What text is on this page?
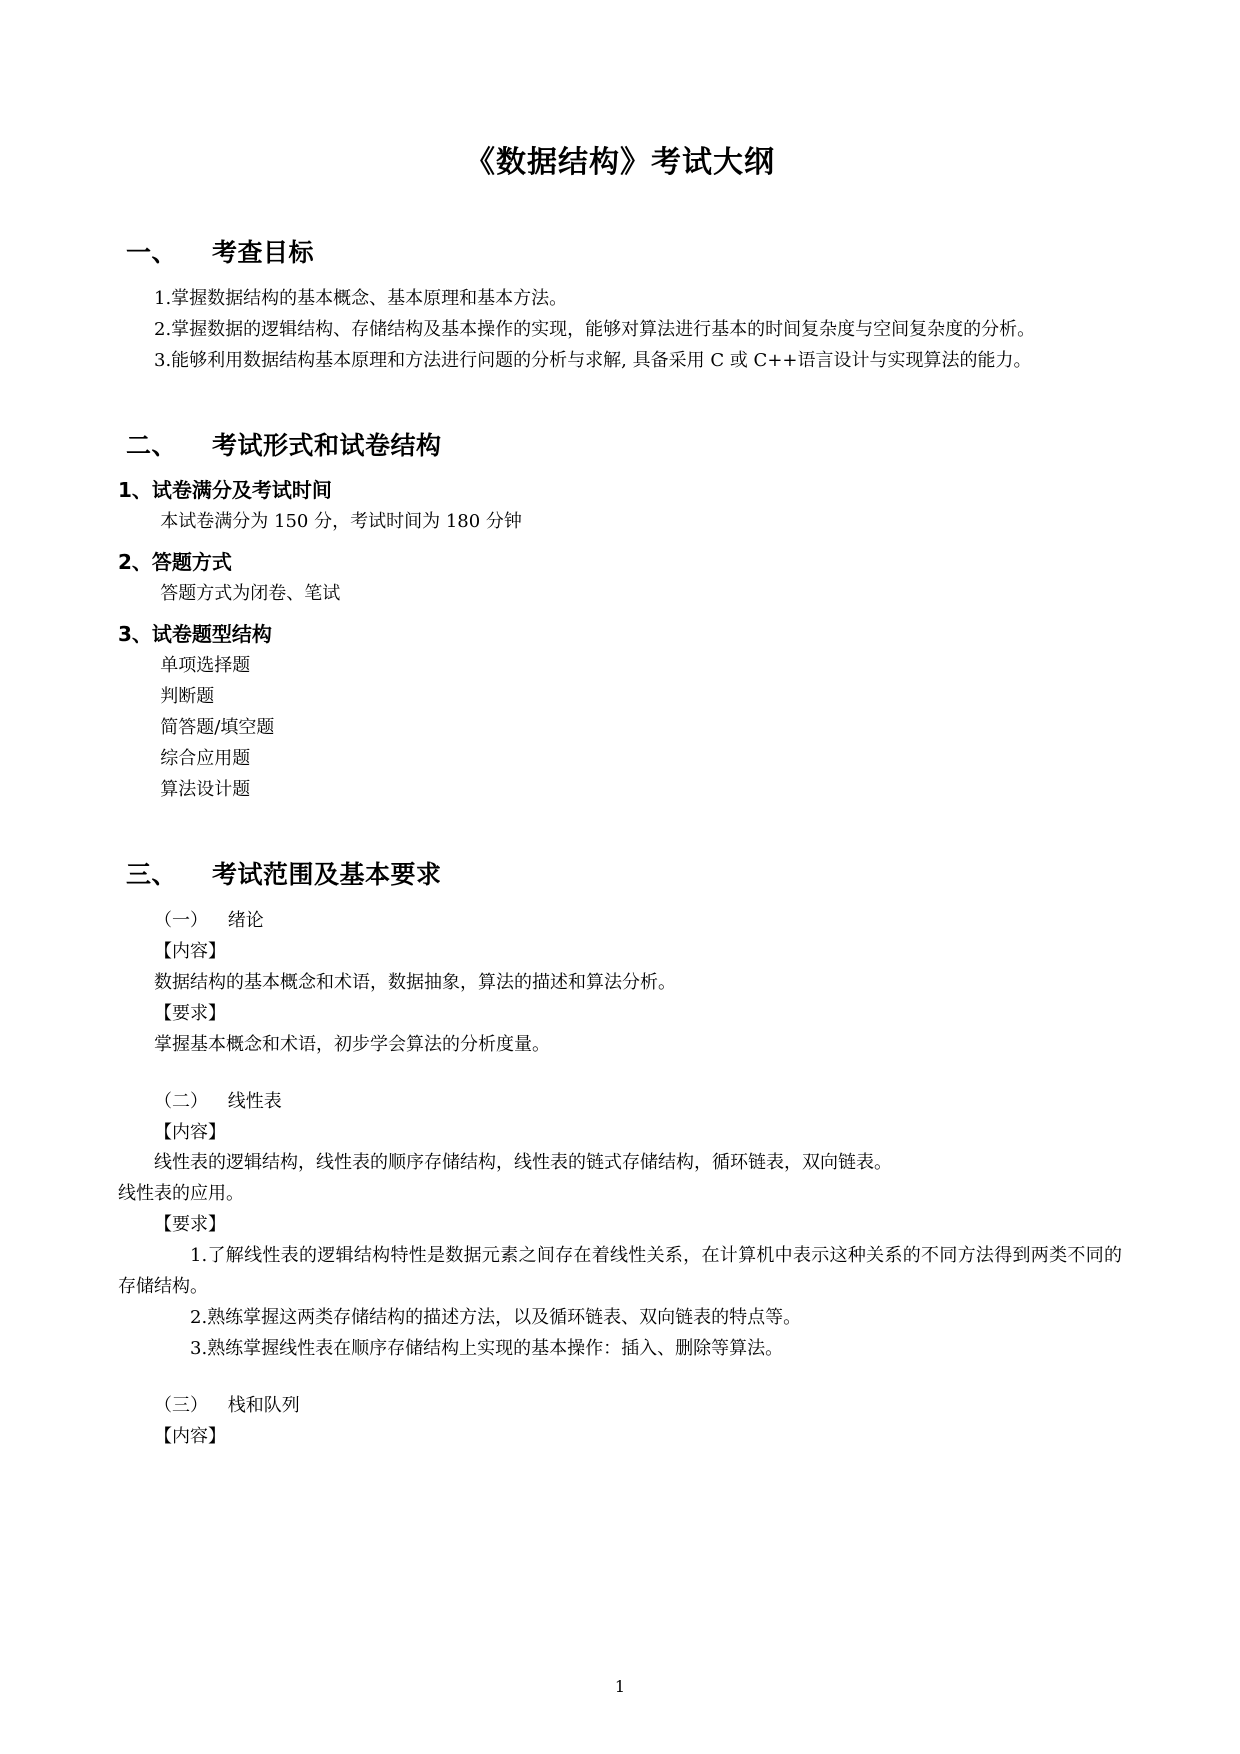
《数据结构》考试大纲
一、 考查目标

1.掌握数据结构的基本概念、基本原理和基本方法。

2.掌握数据的逻辑结构、存储结构及基本操作的实现，能够对算法进行基本的时间复杂度与空间复杂度的分析。

3.能够利用数据结构基本原理和方法进行问题的分析与求解, 具备采用 C 或 C++语言设计与实现算法的能力。

二、 考试形式和试卷结构

1、试卷满分及考试时间

本试卷满分为 150 分，考试时间为 180 分钟

2、答题方式

答题方式为闭卷、笔试

3、试卷题型结构

单项选择题

判断题

简答题/填空题

综合应用题

算法设计题

三、 考试范围及基本要求

（一） 绪论

【内容】

数据结构的基本概念和术语，数据抽象，算法的描述和算法分析。

【要求】

掌握基本概念和术语，初步学会算法的分析度量。

（二） 线性表

【内容】

线性表的逻辑结构，线性表的顺序存储结构，线性表的链式存储结构，循环链表，双向链表。

线性表的应用。

【要求】

1.了解线性表的逻辑结构特性是数据元素之间存在着线性关系，在计算机中表示这种关系的不同方法得到两类不同的存储结构。

2.熟练掌握这两类存储结构的描述方法，以及循环链表、双向链表的特点等。

3.熟练掌握线性表在顺序存储结构上实现的基本操作：插入、删除等算法。

（三） 栈和队列

【内容】

1
